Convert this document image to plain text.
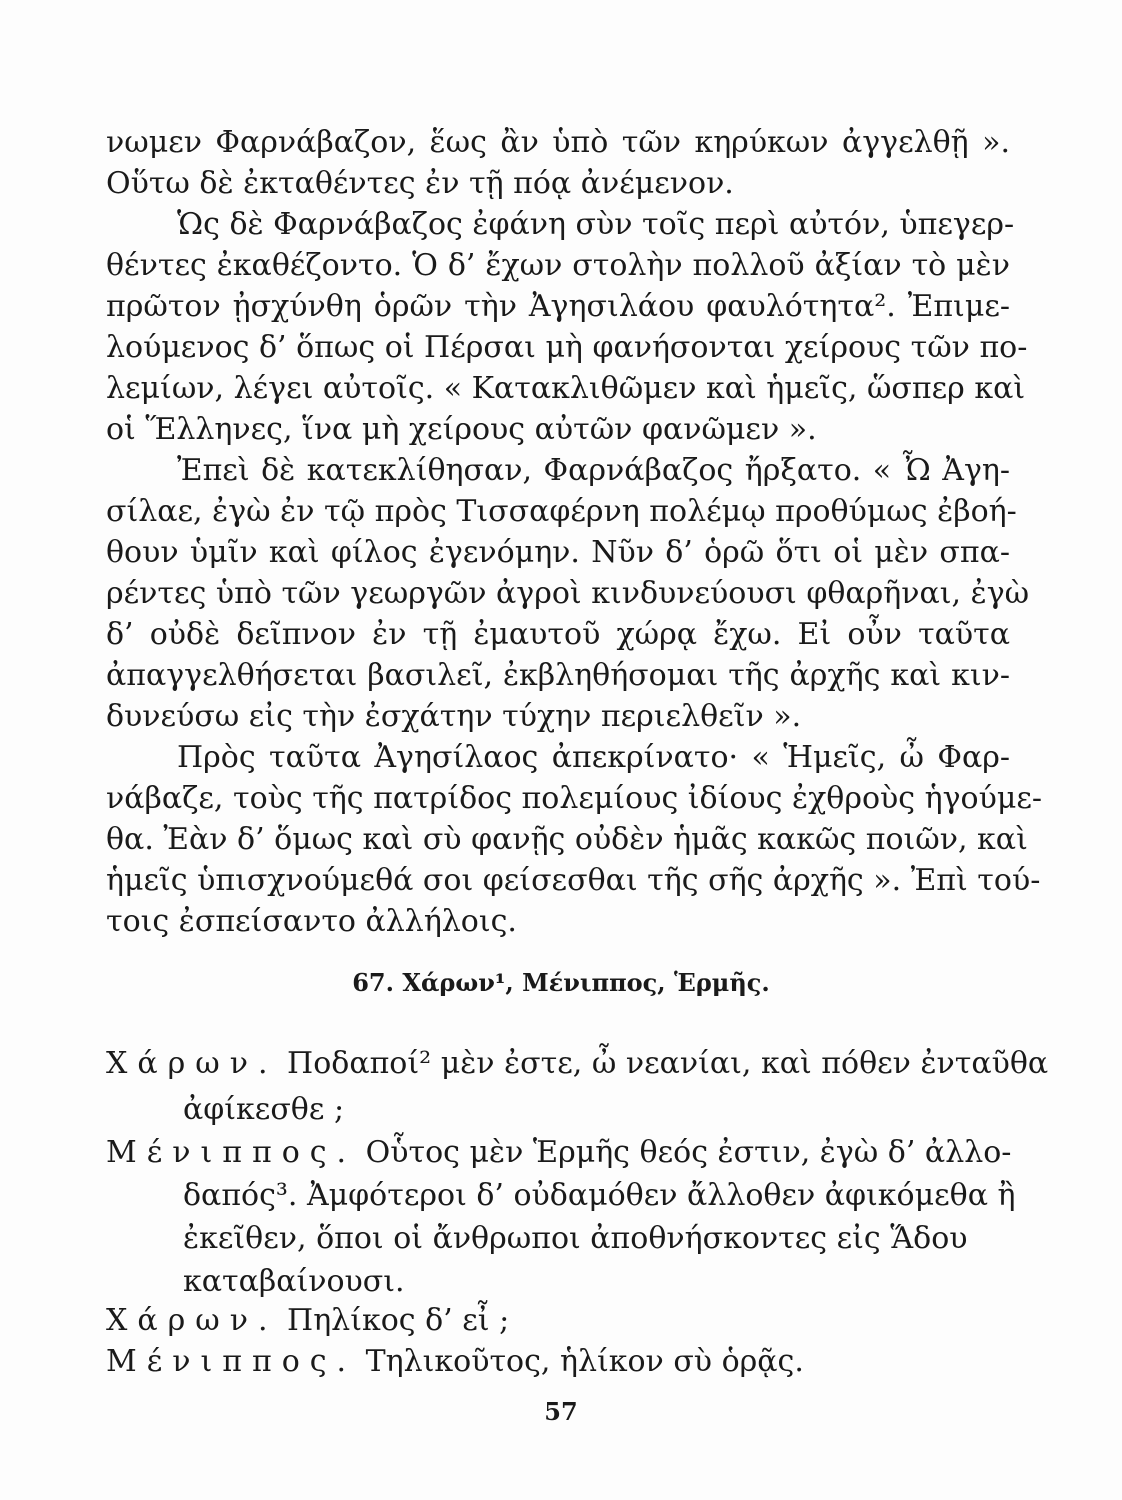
νωμεν Φαρνάβαζον, ἕως ἂν ὑπὸ τῶν κηρύκων ἀγγελθῇ ».
Οὕτω δὲ ἐκταθέντες ἐν τῇ πόᾳ ἀνέμενον.
Ὡς δὲ Φαρνάβαζος ἐφάνη σὺν τοῖς περὶ αὐτόν, ὑπεγερ-
θέντες ἐκαθέζοντο. Ὁ δ’ ἔχων στολὴν πολλοῦ ἀξίαν τὸ μὲν
πρῶτον ᾐσχύνθη ὁρῶν τὴν Ἀγησιλάου φαυλότητα². Ἐπιμε-
λούμενος δ’ ὅπως οἱ Πέρσαι μὴ φανήσονται χείρους τῶν πο-
λεμίων, λέγει αὐτοῖς. « Κατακλιθῶμεν καὶ ἡμεῖς, ὥσπερ καὶ
οἱ Ἕλληνες, ἵνα μὴ χείρους αὐτῶν φανῶμεν ».
Ἐπεὶ δὲ κατεκλίθησαν, Φαρνάβαζος ἤρξατο. « Ὦ Ἀγη-
σίλαε, ἐγὼ ἐν τῷ πρὸς Τισσαφέρνη πολέμῳ προθύμως ἐβοή-
θουν ὑμῖν καὶ φίλος ἐγενόμην. Νῦν δ’ ὁρῶ ὅτι οἱ μὲν σπα-
ρέντες ὑπὸ τῶν γεωργῶν ἀγροὶ κινδυνεύουσι φθαρῆναι, ἐγὼ
δ’ οὐδὲ δεῖπνον ἐν τῇ ἐμαυτοῦ χώρᾳ ἔχω. Εἰ οὖν ταῦτα
ἀπαγγελθήσεται βασιλεῖ, ἐκβληθήσομαι τῆς ἀρχῆς καὶ κιν-
δυνεύσω εἰς τὴν ἐσχάτην τύχην περιελθεῖν ».
Πρὸς ταῦτα Ἀγησίλαος ἀπεκρίνατο· « Ἡμεῖς, ὦ Φαρ-
νάβαζε, τοὺς τῆς πατρίδος πολεμίους ἰδίους ἐχθροὺς ἡγούμε-
θα. Ἐὰν δ’ ὅμως καὶ σὺ φανῇς οὐδὲν ἡμᾶς κακῶς ποιῶν, καὶ
ἡμεῖς ὑπισχνούμεθά σοι φείσεσθαι τῆς σῆς ἀρχῆς ». Ἐπὶ τού-
τοις ἐσπείσαντο ἀλλήλοις.
67. Χάρων¹, Μένιππος, Ἑρμῆς.
Χάρων. Ποδαποί² μὲν ἐστε, ὦ νεανίαι, καὶ πόθεν ἐνταῦθα
ἀφίκεσθε ;
Μένιππος. Οὗτος μὲν Ἑρμῆς θεός ἐστιν, ἐγὼ δ’ ἀλλο-
δαπός³. Ἀμφότεροι δ’ οὐδαμόθεν ἄλλοθεν ἀφικόμεθα ἢ
ἐκεῖθεν, ὅποι οἱ ἄνθρωποι ἀποθνήσκοντες εἰς Ἅδου
καταβαίνουσι.
Χάρων. Πηλίκος δ’ εἶ ;
Μένιππος. Τηλικοῦτος, ἡλίκον σὺ ὁρᾷς.
57
